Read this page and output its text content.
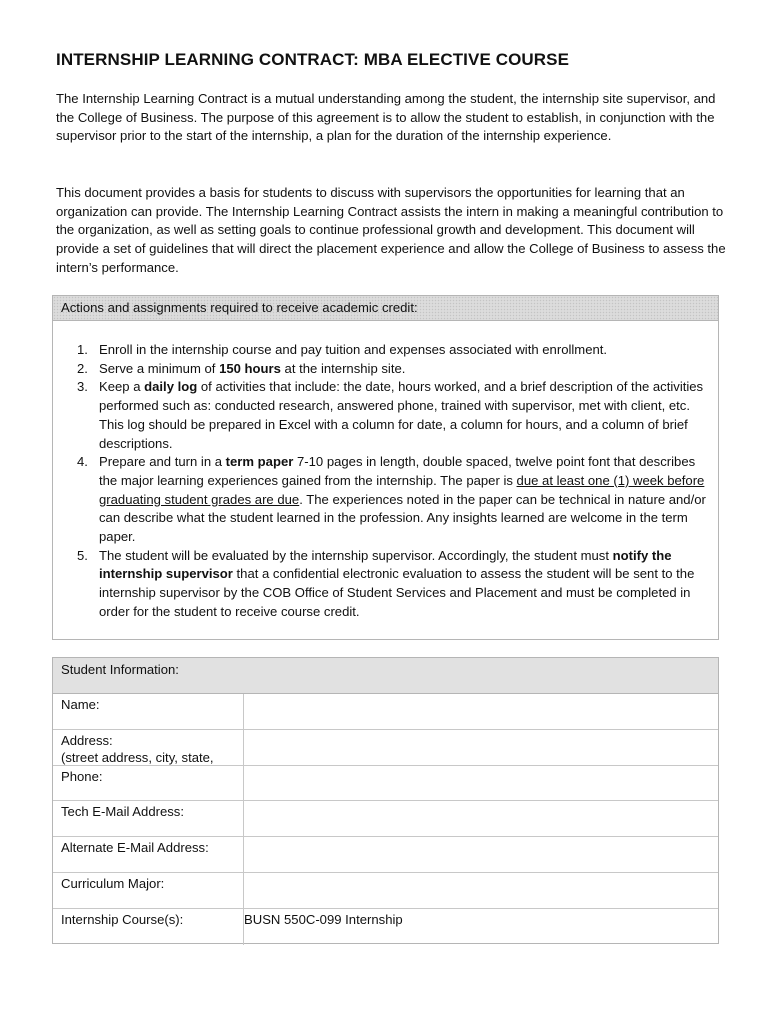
INTERNSHIP LEARNING CONTRACT: MBA ELECTIVE COURSE

The Internship Learning Contract is a mutual understanding among the student, the internship site supervisor, and the College of Business. The purpose of this agreement is to allow the student to establish, in conjunction with the supervisor prior to the start of the internship, a plan for the duration of the internship experience.

This document provides a basis for students to discuss with supervisors the opportunities for learning that an organization can provide. The Internship Learning Contract assists the intern in making a meaningful contribution to the organization, as well as setting goals to continue professional growth and development. This document will provide a set of guidelines that will direct the placement experience and allow the College of Business to assess the intern’s performance.

Actions and assignments required to receive academic credit:
1. Enroll in the internship course and pay tuition and expenses associated with enrollment.
2. Serve a minimum of 150 hours at the internship site.
3. Keep a daily log of activities that include: the date, hours worked, and a brief description of the activities performed such as: conducted research, answered phone, trained with supervisor, met with client, etc. This log should be prepared in Excel with a column for date, a column for hours, and a column of brief descriptions.
4. Prepare and turn in a term paper 7-10 pages in length, double spaced, twelve point font that describes the major learning experiences gained from the internship. The paper is due at least one (1) week before graduating student grades are due. The experiences noted in the paper can be technical in nature and/or can describe what the student learned in the profession. Any insights learned are welcome in the term paper.
5. The student will be evaluated by the internship supervisor. Accordingly, the student must notify the internship supervisor that a confidential electronic evaluation to assess the student will be sent to the internship supervisor by the COB Office of Student Services and Placement and must be completed in order for the student to receive course credit.
Student Information:
Name:
Address:
(street address, city, state,
Phone:
Tech E-Mail Address:
Alternate E-Mail Address:
Curriculum Major:
Internship Course(s):	BUSN 550C-099 Internship
